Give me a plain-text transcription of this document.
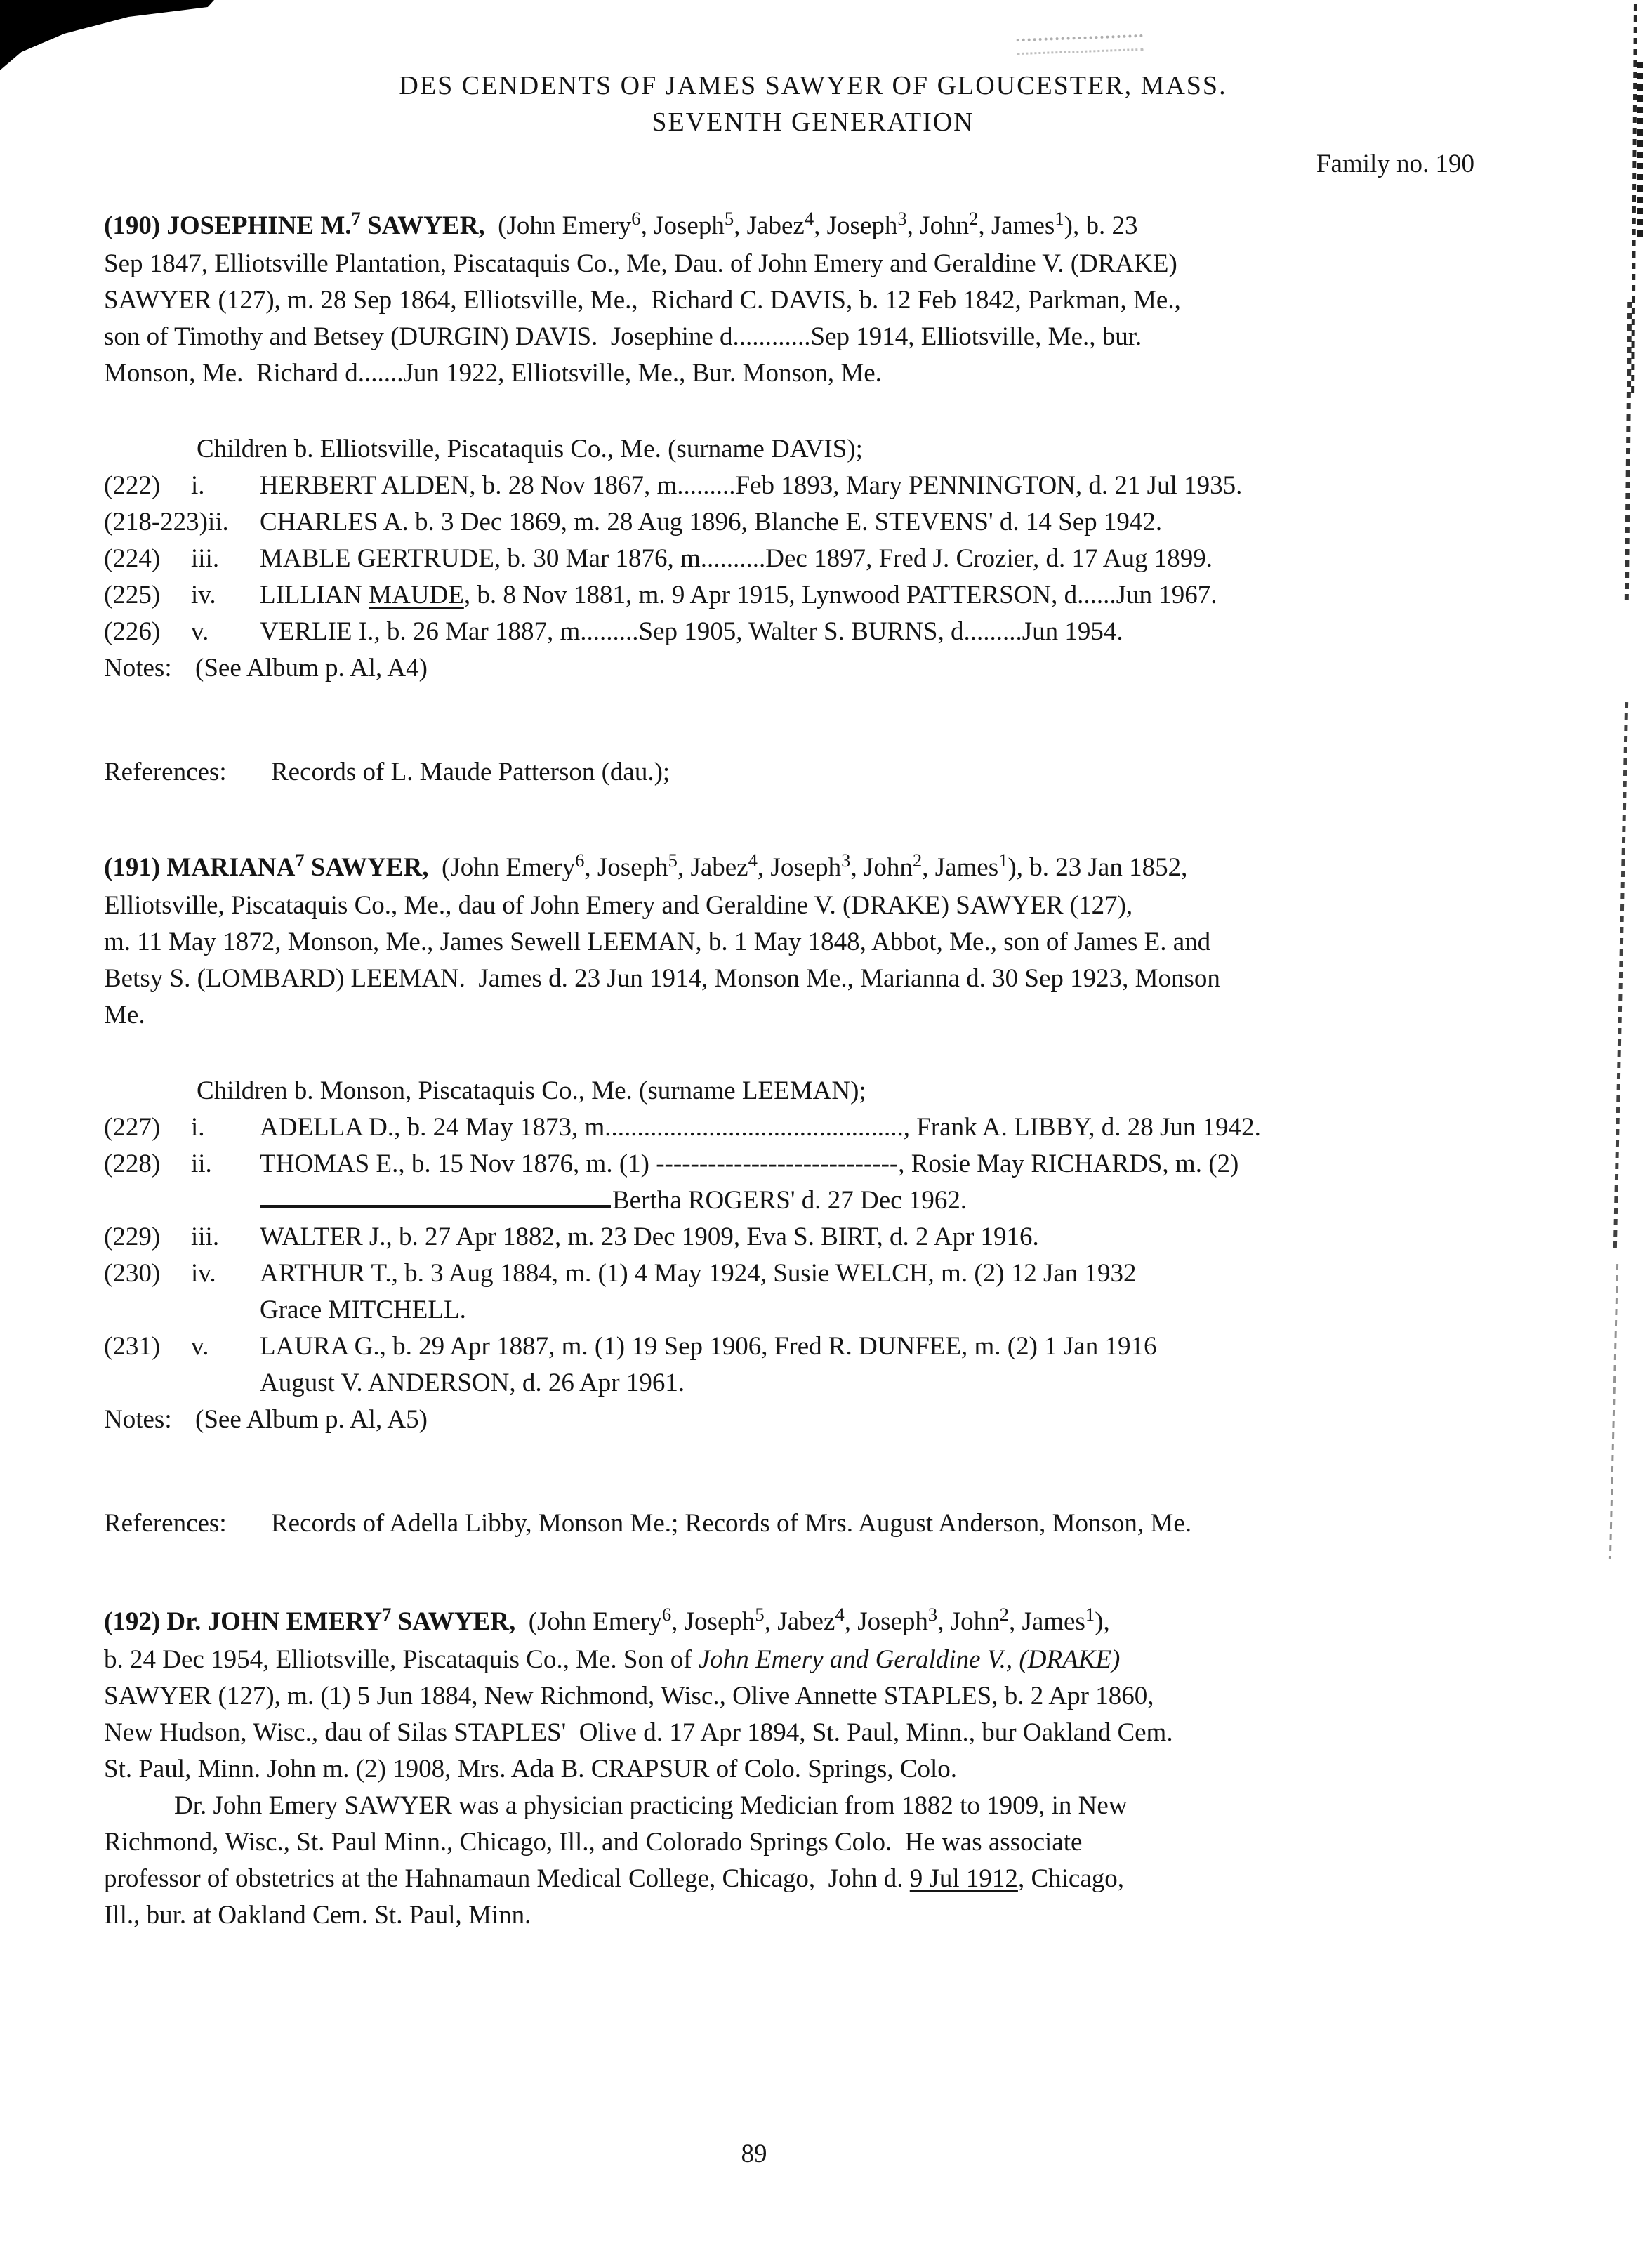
DES CENDENTS OF JAMES SAWYER OF GLOUCESTER, MASS.
SEVENTH GENERATION
Family no. 190
(190) JOSEPHINE M.$^7$ SAWYER,  (John Emery$^6$, Joseph$^5$, Jabez$^4$, Joseph$^3$, John$^2$, James$^1$), b. 23
Sep 1847, Elliotsville Plantation, Piscataquis Co., Me, Dau. of John Emery and Geraldine V. (DRAKE)
SAWYER (127), m. 28 Sep 1864, Elliotsville, Me.,  Richard C. DAVIS, b. 12 Feb 1842, Parkman, Me.,
son of Timothy and Betsey (DURGIN) DAVIS.  Josephine d............Sep 1914, Elliotsville, Me., bur.
Monson, Me.  Richard d.......Jun 1922, Elliotsville, Me., Bur. Monson, Me.
Children b. Elliotsville, Piscataquis Co., Me. (surname DAVIS);
(222)	i. HERBERT ALDEN, b. 28 Nov 1867, m.........Feb 1893, Mary PENNINGTON, d. 21 Jul 1935.
(218-223) ii. CHARLES A. b. 3 Dec 1869, m. 28 Aug 1896, Blanche E. STEVENS' d. 14 Sep 1942.
(224)	iii. MABLE GERTRUDE, b. 30 Mar 1876, m..........Dec 1897, Fred J. Crozier, d. 17 Aug 1899.
(225)	iv. LILLIAN MAUDE, b. 8 Nov 1881, m. 9 Apr 1915, Lynwood PATTERSON, d......Jun 1967.
(226)	v. VERLIE I., b. 26 Mar 1887, m.........Sep 1905, Walter S. BURNS, d.........Jun 1954.
Notes: (See Album p. Al, A4)
References:	Records of L. Maude Patterson (dau.);
(191) MARIANA$^7$ SAWYER,  (John Emery$^6$, Joseph$^5$, Jabez$^4$, Joseph$^3$, John$^2$, James$^1$), b. 23 Jan 1852,
Elliotsville, Piscataquis Co., Me., dau of John Emery and Geraldine V. (DRAKE) SAWYER (127),
m. 11 May 1872, Monson, Me., James Sewell LEEMAN, b. 1 May 1848, Abbot, Me., son of James E. and
Betsy S. (LOMBARD) LEEMAN.  James d. 23 Jun 1914, Monson Me., Marianna d. 30 Sep 1923, Monson
Me.
Children b. Monson, Piscataquis Co., Me. (surname LEEMAN);
(227)	i. ADELLA D., b. 24 May 1873, m.............................................., Frank A. LIBBY, d. 28 Jun 1942.
(228)	ii. THOMAS E., b. 15 Nov 1876, m. (1) ----------------------------, Rosie May RICHARDS, m. (2)
Bertha ROGERS' d. 27 Dec 1962.
(229)	iii. WALTER J., b. 27 Apr 1882, m. 23 Dec 1909, Eva S. BIRT, d. 2 Apr 1916.
(230)	iv. ARTHUR T., b. 3 Aug 1884, m. (1) 4 May 1924, Susie WELCH, m. (2) 12 Jan 1932
Grace MITCHELL.
(231)	v. LAURA G., b. 29 Apr 1887, m. (1) 19 Sep 1906, Fred R. DUNFEE, m. (2) 1 Jan 1916
August V. ANDERSON, d. 26 Apr 1961.
Notes: (See Album p. Al, A5)
References:	Records of Adella Libby, Monson Me.; Records of Mrs. August Anderson, Monson, Me.
(192) Dr. JOHN EMERY$^7$ SAWYER,  (John Emery$^6$, Joseph$^5$, Jabez$^4$, Joseph$^3$, John$^2$, James$^1$),
b. 24 Dec 1954, Elliotsville, Piscataquis Co., Me. Son of John Emery and Geraldine V., (DRAKE)
SAWYER (127), m. (1) 5 Jun 1884, New Richmond, Wisc., Olive Annette STAPLES, b. 2 Apr 1860,
New Hudson, Wisc., dau of Silas STAPLES'  Olive d. 17 Apr 1894, St. Paul, Minn., bur Oakland Cem.
St. Paul, Minn. John m. (2) 1908, Mrs. Ada B. CRAPSUR of Colo. Springs, Colo.
Dr. John Emery SAWYER was a physician practicing Medician from 1882 to 1909, in New
Richmond, Wisc., St. Paul Minn., Chicago, Ill., and Colorado Springs Colo.  He was associate
professor of obstetrics at the Hahnamaun Medical College, Chicago,  John d. 9 Jul 1912, Chicago,
Ill., bur. at Oakland Cem. St. Paul, Minn.
89
